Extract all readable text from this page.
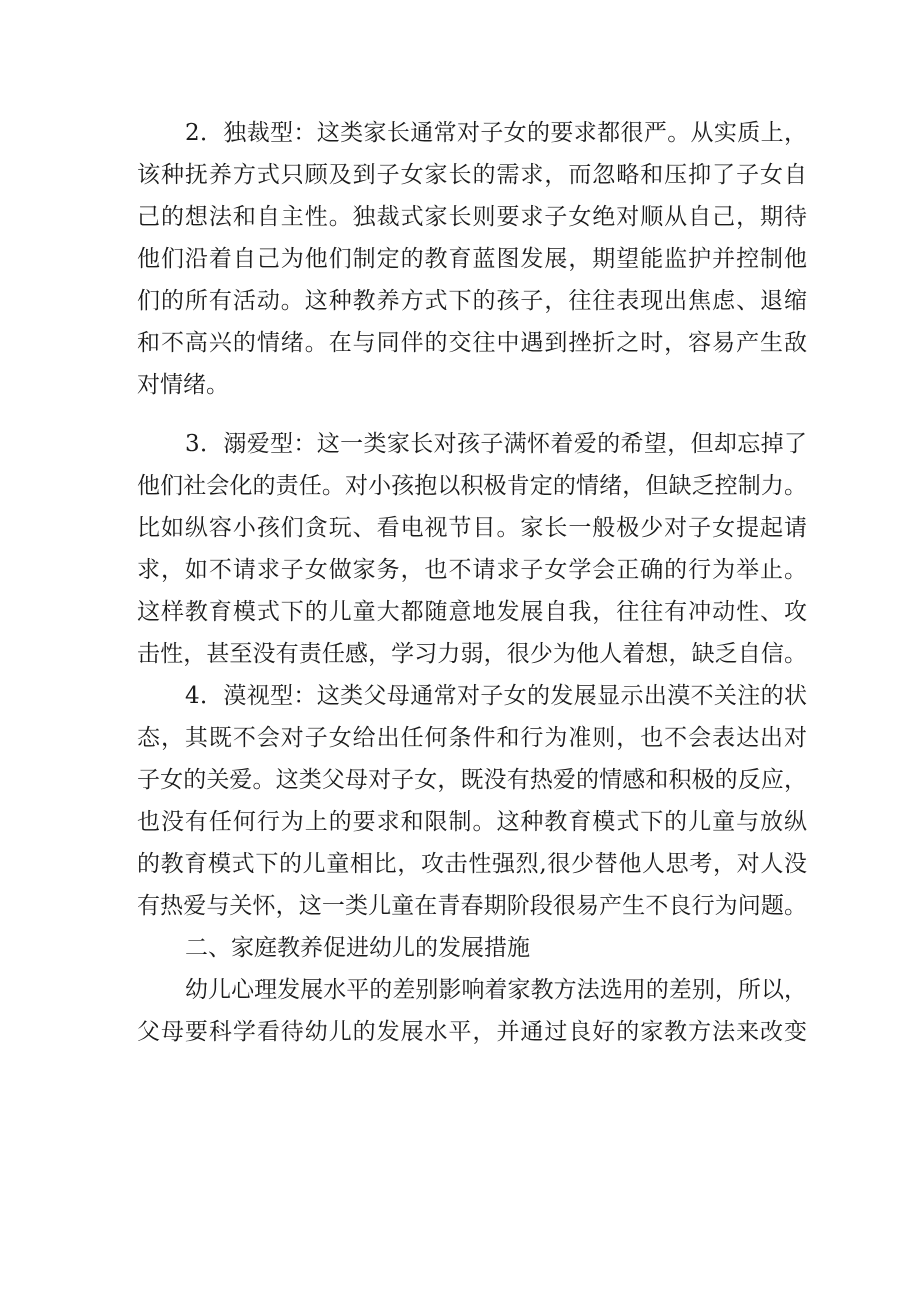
2．独裁型：这类家长通常对子女的要求都很严。从实质上，
该种抚养方式只顾及到子女家长的需求，而忽略和压抑了子女自
己的想法和自主性。独裁式家长则要求子女绝对顺从自己，期待
他们沿着自己为他们制定的教育蓝图发展，期望能监护并控制他
们的所有活动。这种教养方式下的孩子，往往表现出焦虑、退缩
和不高兴的情绪。在与同伴的交往中遇到挫折之时，容易产生敌
对情绪。
3．溺爱型：这一类家长对孩子满怀着爱的希望，但却忘掉了
他们社会化的责任。对小孩抱以积极肯定的情绪，但缺乏控制力。
比如纵容小孩们贪玩、看电视节目。家长一般极少对子女提起请
求，如不请求子女做家务，也不请求子女学会正确的行为举止。
这样教育模式下的儿童大都随意地发展自我，往往有冲动性、攻
击性，甚至没有责任感，学习力弱，很少为他人着想，缺乏自信。
4．漠视型：这类父母通常对子女的发展显示出漠不关注的状
态，其既不会对子女给出任何条件和行为准则，也不会表达出对
子女的关爱。这类父母对子女，既没有热爱的情感和积极的反应，
也没有任何行为上的要求和限制。这种教育模式下的儿童与放纵
的教育模式下的儿童相比，攻击性强烈,很少替他人思考，对人没
有热爱与关怀，这一类儿童在青春期阶段很易产生不良行为问题。
二、家庭教养促进幼儿的发展措施
幼儿心理发展水平的差别影响着家教方法选用的差别，所以，
父母要科学看待幼儿的发展水平，并通过良好的家教方法来改变
